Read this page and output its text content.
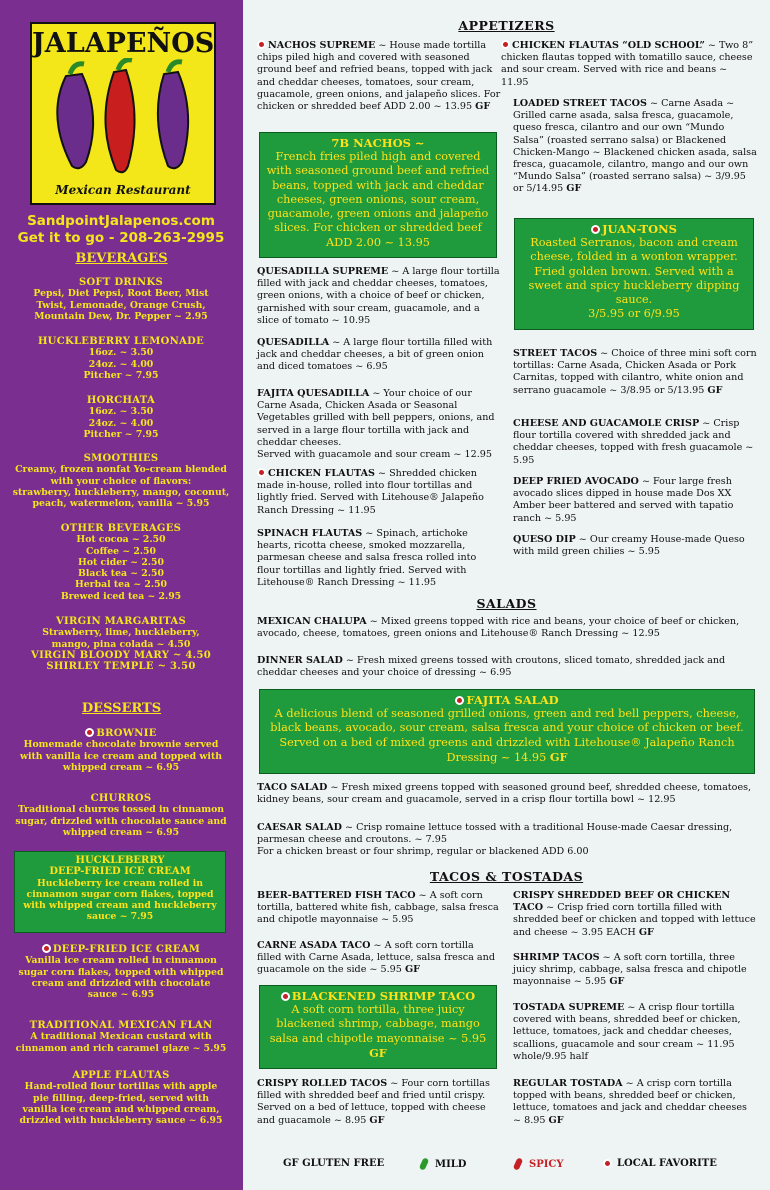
JALAPEÑOS
Mexican Restaurant
SandpointJalapenos.com
Get it to go - 208-263-2995
BEVERAGES
SOFT DRINKS
Pepsi, Diet Pepsi, Root Beer, Mist
Twist, Lemonade, Orange Crush,
Mountain Dew, Dr. Pepper ~ 2.95
HUCKLEBERRY LEMONADE
16oz. ~ 3.50
24oz. ~ 4.00
Pitcher ~ 7.95
HORCHATA
16oz. ~ 3.50
24oz. ~ 4.00
Pitcher ~ 7.95
SMOOTHIES
Creamy, frozen nonfat Yo-cream blended
with your choice of flavors:
strawberry, huckleberry, mango, coconut,
peach, watermelon, vanilla ~ 5.95
OTHER BEVERAGES
Hot cocoa ~ 2.50
Coffee ~ 2.50
Hot cider ~ 2.50
Black tea ~ 2.50
Herbal tea ~ 2.50
Brewed iced tea ~ 2.95
VIRGIN MARGARITAS
Strawberry, lime, huckleberry,
mango, pina colada ~ 4.50
VIRGIN BLOODY MARY ~ 4.50
SHIRLEY TEMPLE ~ 3.50
DESSERTS
BROWNIE
Homemade chocolate brownie served
with vanilla ice cream and topped with
whipped cream ~ 6.95
CHURROS
Traditional churros tossed in cinnamon
sugar, drizzled with chocolate sauce and
whipped cream ~ 6.95
HUCKLEBERRY
DEEP-FRIED ICE CREAM
Huckleberry ice cream rolled in
cinnamon sugar corn flakes, topped
with whipped cream and huckleberry
sauce ~ 7.95
DEEP-FRIED ICE CREAM
Vanilla ice cream rolled in cinnamon
sugar corn flakes, topped with whipped
cream and drizzled with chocolate
sauce ~ 6.95
TRADITIONAL MEXICAN FLAN
A traditional Mexican custard with
cinnamon and rich caramel glaze ~ 5.95
APPLE FLAUTAS
Hand-rolled flour tortillas with apple
pie filling, deep-fried, served with
vanilla ice cream and whipped cream,
drizzled with huckleberry sauce ~ 6.95
APPETIZERS
NACHOS SUPREME ~ House made tortilla chips piled high and covered with seasoned ground beef and refried beans, topped with jack and cheddar cheeses, tomatoes, sour cream, guacamole, green onions, and jalapeño slices. For chicken or shredded beef ADD 2.00 ~ 13.95 GF
7B NACHOS ~
French fries piled high and covered with seasoned ground beef and refried beans, topped with jack and cheddar cheeses, green onions, sour cream, guacamole, green onions and jalapeño slices. For chicken or shredded beef ADD 2.00 ~ 13.95
QUESADILLA SUPREME ~ A large flour tortilla filled with jack and cheddar cheeses, tomatoes, green onions, with a choice of beef or chicken, garnished with sour cream, guacamole, and a slice of tomato ~ 10.95
QUESADILLA ~ A large flour tortilla filled with jack and cheddar cheeses, a bit of green onion and diced tomatoes ~ 6.95
FAJITA QUESADILLA ~ Your choice of our Carne Asada, Chicken Asada or Seasonal Vegetables grilled with bell peppers, onions, and served in a large flour tortilla with jack and cheddar cheeses.
Served with guacamole and sour cream ~ 12.95
CHICKEN FLAUTAS ~ Shredded chicken made in-house, rolled into flour tortillas and lightly fried. Served with Litehouse® Jalapeño Ranch Dressing ~ 11.95
SPINACH FLAUTAS ~ Spinach, artichoke hearts, ricotta cheese, smoked mozzarella, parmesan cheese and salsa fresca rolled into flour tortillas and lightly fried. Served with Litehouse® Ranch Dressing ~ 11.95
CHICKEN FLAUTAS “OLD SCHOOL” ~ Two 8” chicken flautas topped with tomatillo sauce, cheese and sour cream. Served with rice and beans ~ 11.95
LOADED STREET TACOS ~ Carne Asada ~ Grilled carne asada, salsa fresca, guacamole, queso fresca, cilantro and our own “Mundo Salsa” (roasted serrano salsa) or Blackened Chicken-Mango ~ Blackened chicken asada, salsa fresca, guacamole, cilantro, mango and our own “Mundo Salsa” (roasted serrano salsa) ~ 3/9.95 or 5/14.95 GF
JUAN-TONS
Roasted Serranos, bacon and cream cheese, folded in a wonton wrapper. Fried golden brown. Served with a sweet and spicy huckleberry dipping sauce.
3/5.95 or 6/9.95
STREET TACOS ~ Choice of three mini soft corn tortillas: Carne Asada, Chicken Asada or Pork Carnitas, topped with cilantro, white onion and serrano guacamole ~ 3/8.95 or 5/13.95 GF
CHEESE AND GUACAMOLE CRISP ~ Crisp flour tortilla covered with shredded jack and cheddar cheeses, topped with fresh guacamole ~ 5.95
DEEP FRIED AVOCADO ~ Four large fresh avocado slices dipped in house made Dos XX Amber beer battered and served with tapatio ranch ~ 5.95
QUESO DIP ~ Our creamy House-made Queso with mild green chilies ~ 5.95
SALADS
MEXICAN CHALUPA ~ Mixed greens topped with rice and beans, your choice of beef or chicken, avocado, cheese, tomatoes, green onions and Litehouse® Ranch Dressing ~ 12.95
DINNER SALAD ~ Fresh mixed greens tossed with croutons, sliced tomato, shredded jack and cheddar cheeses and your choice of dressing ~ 6.95
FAJITA SALAD
A delicious blend of seasoned grilled onions, green and red bell peppers, cheese, black beans, avocado, sour cream, salsa fresca and your choice of chicken or beef. Served on a bed of mixed greens and drizzled with Litehouse® Jalapeño Ranch Dressing ~ 14.95 GF
TACO SALAD ~ Fresh mixed greens topped with seasoned ground beef, shredded cheese, tomatoes, kidney beans, sour cream and guacamole, served in a crisp flour tortilla bowl ~ 12.95
CAESAR SALAD ~ Crisp romaine lettuce tossed with a traditional House-made Caesar dressing, parmesan cheese and croutons. ~ 7.95
For a chicken breast or four shrimp, regular or blackened ADD 6.00
TACOS & TOSTADAS
BEER-BATTERED FISH TACO ~ A soft corn tortilla, battered white fish, cabbage, salsa fresca and chipotle mayonnaise ~ 5.95
CARNE ASADA TACO ~ A soft corn tortilla filled with Carne Asada, lettuce, salsa fresca and guacamole on the side ~ 5.95 GF
BLACKENED SHRIMP TACO
A soft corn tortilla, three juicy blackened shrimp, cabbage, mango salsa and chipotle mayonnaise ~ 5.95 GF
CRISPY ROLLED TACOS ~ Four corn tortillas filled with shredded beef and fried until crispy. Served on a bed of lettuce, topped with cheese and guacamole ~ 8.95 GF
CRISPY SHREDDED BEEF OR CHICKEN TACO ~ Crisp fried corn tortilla filled with shredded beef or chicken and topped with lettuce and cheese ~ 3.95 EACH GF
SHRIMP TACOS ~ A soft corn tortilla, three juicy shrimp, cabbage, salsa fresca and chipotle mayonnaise ~ 5.95 GF
TOSTADA SUPREME ~ A crisp flour tortilla covered with beans, shredded beef or chicken, lettuce, tomatoes, jack and cheddar cheeses, scallions, guacamole and sour cream ~ 11.95 whole/9.95 half
REGULAR TOSTADA ~ A crisp corn tortilla topped with beans, shredded beef or chicken, lettuce, tomatoes and jack and cheddar cheeses ~ 8.95 GF
GF GLUTEN FREE	MILD	SPICY	LOCAL FAVORITE
